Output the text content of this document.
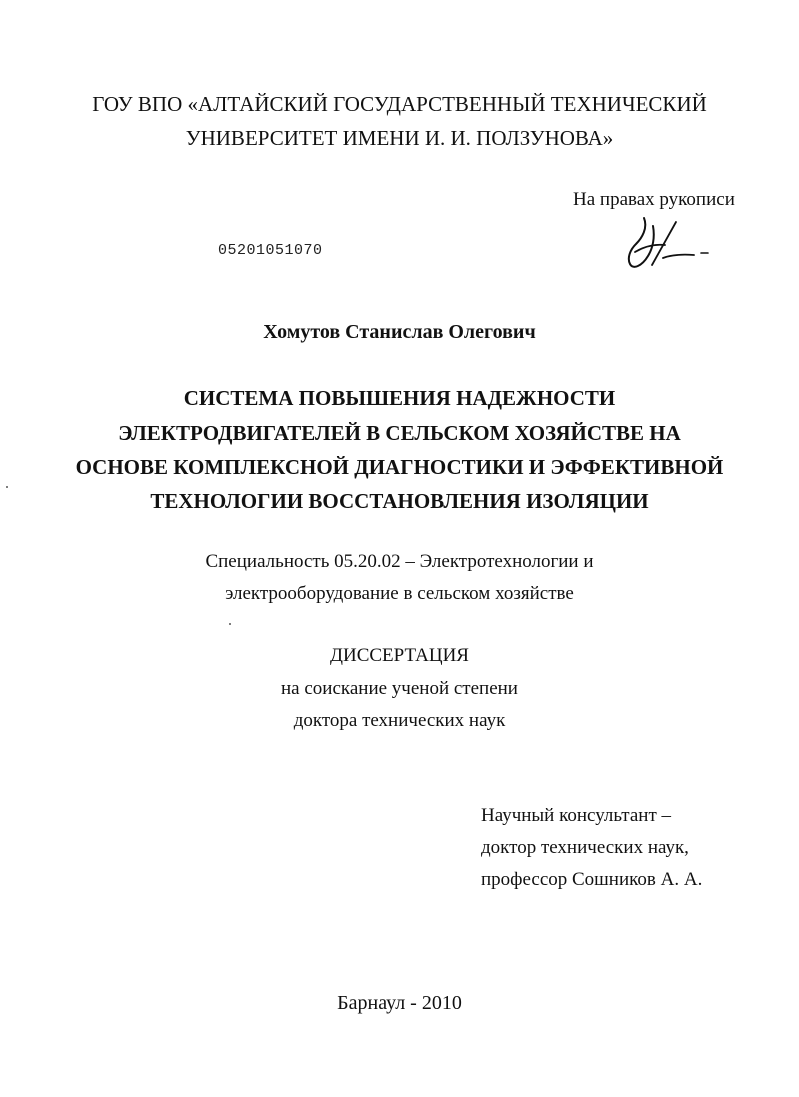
ГОУ ВПО «АЛТАЙСКИЙ ГОСУДАРСТВЕННЫЙ ТЕХНИЧЕСКИЙ
УНИВЕРСИТЕТ ИМЕНИ И. И. ПОЛЗУНОВА»
На правах рукописи
05201051070
Хомутов Станислав Олегович
СИСТЕМА ПОВЫШЕНИЯ НАДЕЖНОСТИ
ЭЛЕКТРОДВИГАТЕЛЕЙ В СЕЛЬСКОМ ХОЗЯЙСТВЕ НА
ОСНОВЕ КОМПЛЕКСНОЙ ДИАГНОСТИКИ И ЭФФЕКТИВНОЙ
ТЕХНОЛОГИИ ВОССТАНОВЛЕНИЯ ИЗОЛЯЦИИ
Специальность 05.20.02 – Электротехнологии и
электрооборудование в сельском хозяйстве
ДИССЕРТАЦИЯ
на соискание ученой степени
доктора технических наук
Научный консультант –
доктор технических наук,
профессор Сошников А. А.
Барнаул - 2010
